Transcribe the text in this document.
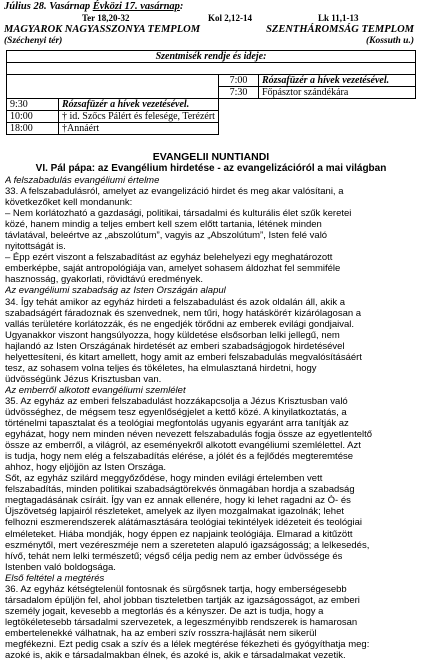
Július 28. Vasárnap Évközi 17. vasárnap:
Ter 18,20-32	Kol 2,12-14	Lk 11,1-13
MAGYAROK NAGYASSZONYA TEMPLOM	SZENTHÁROMSÁG TEMPLOM
(Széchenyi tér)	(Kossuth u.)
Szentmisék rendje és ideje:			

		7:00	Rózsafüzér a hívek vezetésével.
		7:30	Főpásztor szándékára
9:30	Rózsafüzér a hívek vezetésével.		
10:00	† id. Szőcs Pálért és felesége, Terézért		
18:00	†Annáért		
EVANGELII NUNTIANDI
VI. Pál pápa: az Evangélium hirdetése - az evangelizációról a mai világban
A felszabadulás evangéliumi értelme
33. A felszabadulásról, amelyet az evangelizáció hirdet és meg akar valósítani, a
következőket kell mondanunk:
– Nem korlátozható a gazdasági, politikai, társadalmi és kulturális élet szűk keretei
közé, hanem mindig a teljes embert kell szem előtt tartania, létének minden
távlatával, beleértve az „abszolútum”, vagyis az „Abszolútum”, Isten felé való
nyitottságát is.
– Épp ezért viszont a felszabadítást az egyház belehelyezi egy meghatározott
emberképbe, saját antropológiája van, amelyet sohasem áldozhat fel semmiféle
hasznosság, gyakorlati, rövidtávú eredmények.
Az evangéliumi szabadság az Isten Országán alapul
34. Így tehát amikor az egyház hirdeti a felszabadulást és azok oldalán áll, akik a
szabadságért fáradoznak és szenvednek, nem tűri, hogy hatásköréт kizárólagosan a
vallás területére korlátozzák, és ne engedjék törődni az emberek evilági gondjaival.
Ugyanakkor viszont hangsúlyozza, hogy küldetése elsősorban lelki jellegű, nem
hajlandó az Isten Országának hirdetését az emberi szabadságjogok hirdetésével
helyettesíteni, és kitart amellett, hogy amit az emberi felszabadulás megvalósításáért
tesz, az sohasem volna teljes és tökéletes, ha elmulasztaná hirdetni, hogy
üdvösségünk Jézus Krisztusban van.
Az emberről alkotott evangéliumi szemlélet
35. Az egyház az emberi felszabadulást hozzákapcsolja a Jézus Krisztusban való
üdvösséghez, de mégsem tesz egyenlőségjelet a kettő közé. A kinyilatkoztatás, a
történelmi tapasztalat és a teológiai megfontolás ugyanis egyaránt arra tanítják az
egyházat, hogy nem minden néven nevezett felszabadulás fogja össze az egyetlenteltő
össze az emberről, a világról, az eseményekről alkotott evangéliumi szemlélettel. Azt
is tudja, hogy nem elég a felszabadítás elérése, a jólét és a fejlődés megteremtése
ahhoz, hogy eljöjjön az Isten Országa.
Sőt, az egyház szilárd meggyőződése, hogy minden evilági értelemben vett
felszabadítás, minden politikai szabadságtörekvés önmagában hordja a szabadság
megtagadásának csíráit. Így van ez annak ellenére, hogy ki lehet ragadni az Ó- és
Újszövetség lapjairól részleteket, amelyek az ilyen mozgalmakat igazolnák; lehet
felhozni eszmerendszerek alátámasztására teológiai tekintélyek idézeteit és teológiai
elméleteket. Hiába mondják, hogy éppen ez napjaink teológiája. Elmarad a kitűzött
eszménytől, mert vezéreszméje nem a szereteten alapuló igazságosság; a lelkesedés,
hívő, tehát nem lelki természetű; végső célja pedig nem az ember üdvössége és
Istenben való boldogsága.
Első feltétel a megtérés
36. Az egyház kétségtelenül fontosnak és sürgősnek tartja, hogy emberségesebb
társadalom épüljön fel, ahol jobban tiszteletben tartják az igazságosságot, az emberi
személy jogait, kevesebb a megtorlás és a kényszer. De azt is tudja, hogy a
legtökéletesebb társadalmi szervezetek, a legeszményibb rendszerek is hamarosan
embertelenekké válhatnak, ha az emberi szív rosszra-hajlását nem sikerül
megfékezni. Ezt pedig csak a szív és a lélek megtérése fékezheti és gyógyíthatja meg:
azoké is, akik e társadalmakban élnek, és azoké is, akik e társadalmakat vezetik.
